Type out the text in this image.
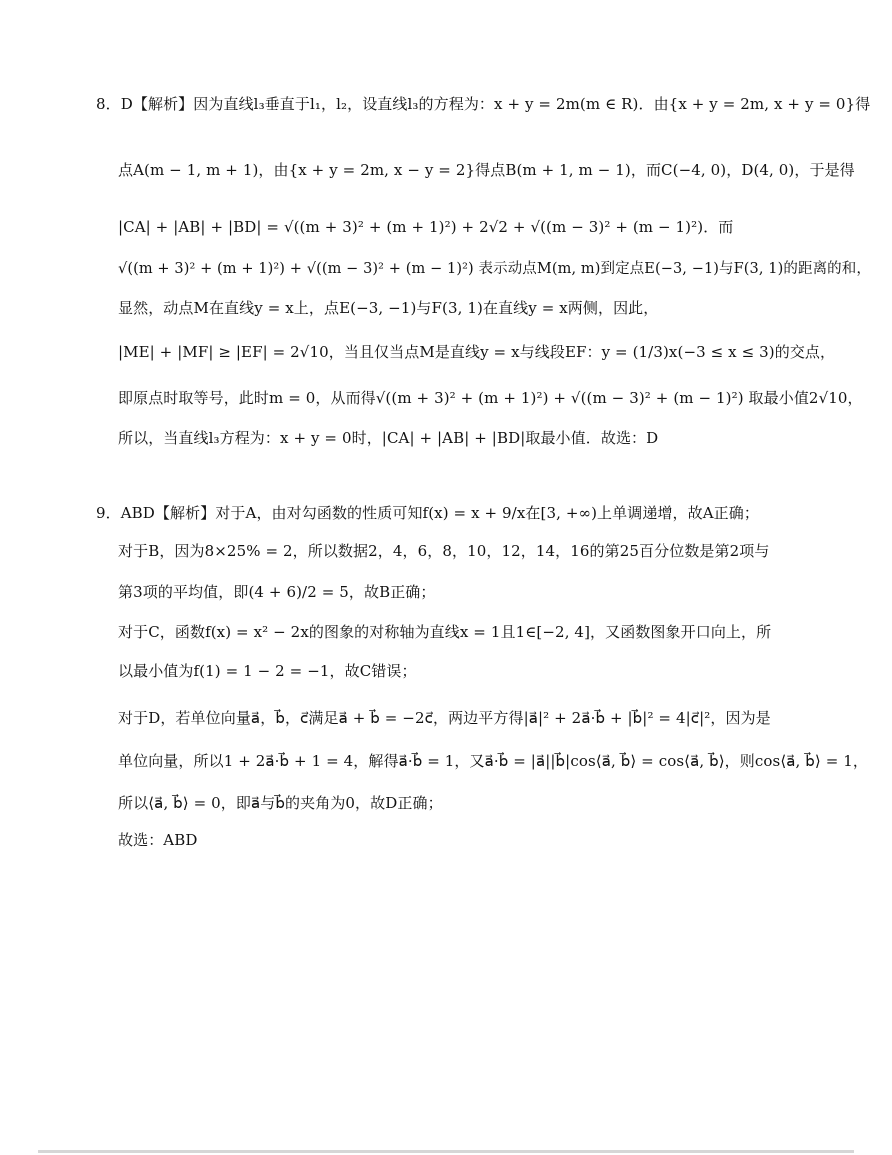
8．D【解析】因为直线l₃垂直于l₁，l₂，设直线l₃的方程为：x + y = 2m(m ∈ R)．由{x + y = 2m, x + y = 0}得
点A(m − 1, m + 1)，由{x + y = 2m, x − y = 2}得点B(m + 1, m − 1)，而C(−4, 0)，D(4, 0)，于是得
|CA| + |AB| + |BD| = √((m + 3)² + (m + 1)²) + 2√2 + √((m − 3)² + (m − 1)²)．而
√((m + 3)² + (m + 1)²) + √((m − 3)² + (m − 1)²) 表示动点M(m, m)到定点E(−3, −1)与F(3, 1)的距离的和，
显然，动点M在直线y = x上，点E(−3, −1)与F(3, 1)在直线y = x两侧，因此，
|ME| + |MF| ≥ |EF| = 2√10，当且仅当点M是直线y = x与线段EF：y = (1/3)x(−3 ≤ x ≤ 3)的交点，
即原点时取等号，此时m = 0，从而得√((m + 3)² + (m + 1)²) + √((m − 3)² + (m − 1)²) 取最小值2√10，
所以，当直线l₃方程为：x + y = 0时，|CA| + |AB| + |BD|取最小值．故选：D
9．ABD【解析】对于A，由对勾函数的性质可知f(x) = x + 9/x在[3, +∞)上单调递增，故A正确；
对于B，因为8×25% = 2，所以数据2，4，6，8，10，12，14，16的第25百分位数是第2项与
第3项的平均值，即(4 + 6)/2 = 5，故B正确；
对于C，函数f(x) = x² − 2x的图象的对称轴为直线x = 1且1∈[−2, 4]，又函数图象开口向上，所
以最小值为f(1) = 1 − 2 = −1，故C错误；
对于D，若单位向量a⃗，b⃗，c⃗满足a⃗ + b⃗ = −2c⃗，两边平方得|a⃗|² + 2a⃗·b⃗ + |b⃗|² = 4|c⃗|²，因为是
单位向量，所以1 + 2a⃗·b⃗ + 1 = 4，解得a⃗·b⃗ = 1，又a⃗·b⃗ = |a⃗||b⃗|cos⟨a⃗, b⃗⟩ = cos⟨a⃗, b⃗⟩，则cos⟨a⃗, b⃗⟩ = 1，
所以⟨a⃗, b⃗⟩ = 0，即a⃗与b⃗的夹角为0，故D正确；
故选：ABD
